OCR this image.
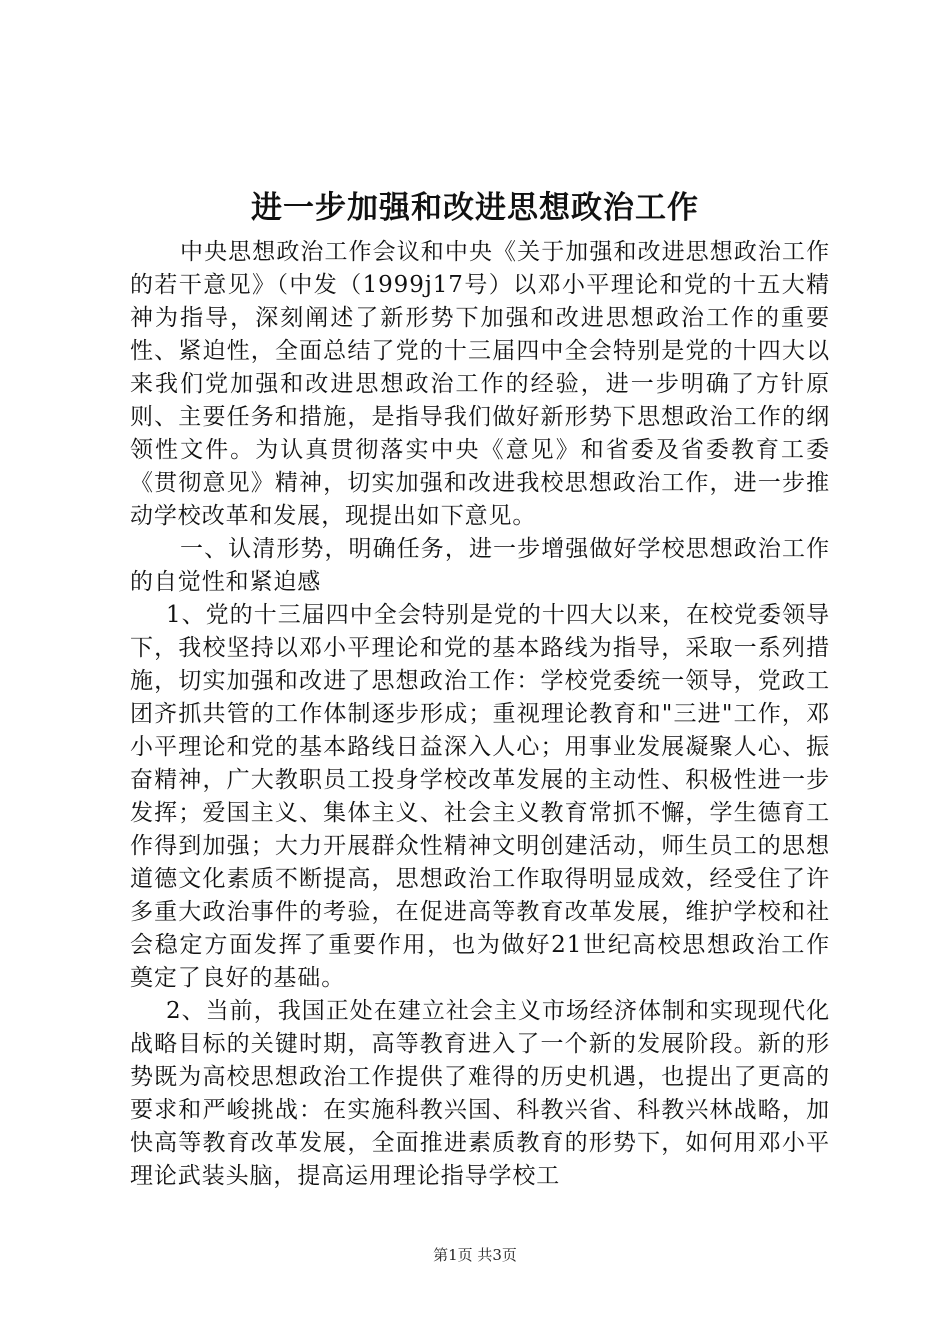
进一步加强和改进思想政治工作

中央思想政治工作会议和中央《关于加强和改进思想政治工作的若干意见》（中发（1999j17号）以邓小平理论和党的十五大精神为指导，深刻阐述了新形势下加强和改进思想政治工作的重要性、紧迫性，全面总结了党的十三届四中全会特别是党的十四大以来我们党加强和改进思想政治工作的经验，进一步明确了方针原则、主要任务和措施，是指导我们做好新形势下思想政治工作的纲领性文件。为认真贯彻落实中央《意见》和省委及省委教育工委《贯彻意见》精神，切实加强和改进我校思想政治工作，进一步推动学校改革和发展，现提出如下意见。

一、认清形势，明确任务，进一步增强做好学校思想政治工作的自觉性和紧迫感

1、党的十三届四中全会特别是党的十四大以来，在校党委领导下，我校坚持以邓小平理论和党的基本路线为指导，采取一系列措施，切实加强和改进了思想政治工作：学校党委统一领导，党政工团齐抓共管的工作体制逐步形成；重视理论教育和"三进"工作，邓小平理论和党的基本路线日益深入人心；用事业发展凝聚人心、振奋精神，广大教职员工投身学校改革发展的主动性、积极性进一步发挥；爱国主义、集体主义、社会主义教育常抓不懈，学生德育工作得到加强；大力开展群众性精神文明创建活动，师生员工的思想道德文化素质不断提高，思想政治工作取得明显成效，经受住了许多重大政治事件的考验，在促进高等教育改革发展，维护学校和社会稳定方面发挥了重要作用，也为做好21世纪高校思想政治工作奠定了良好的基础。

2、当前，我国正处在建立社会主义市场经济体制和实现现代化战略目标的关键时期，高等教育进入了一个新的发展阶段。新的形势既为高校思想政治工作提供了难得的历史机遇，也提出了更高的要求和严峻挑战：在实施科教兴国、科教兴省、科教兴林战略，加快高等教育改革发展，全面推进素质教育的形势下，如何用邓小平理论武装头脑，提高运用理论指导学校工

第1页 共3页
